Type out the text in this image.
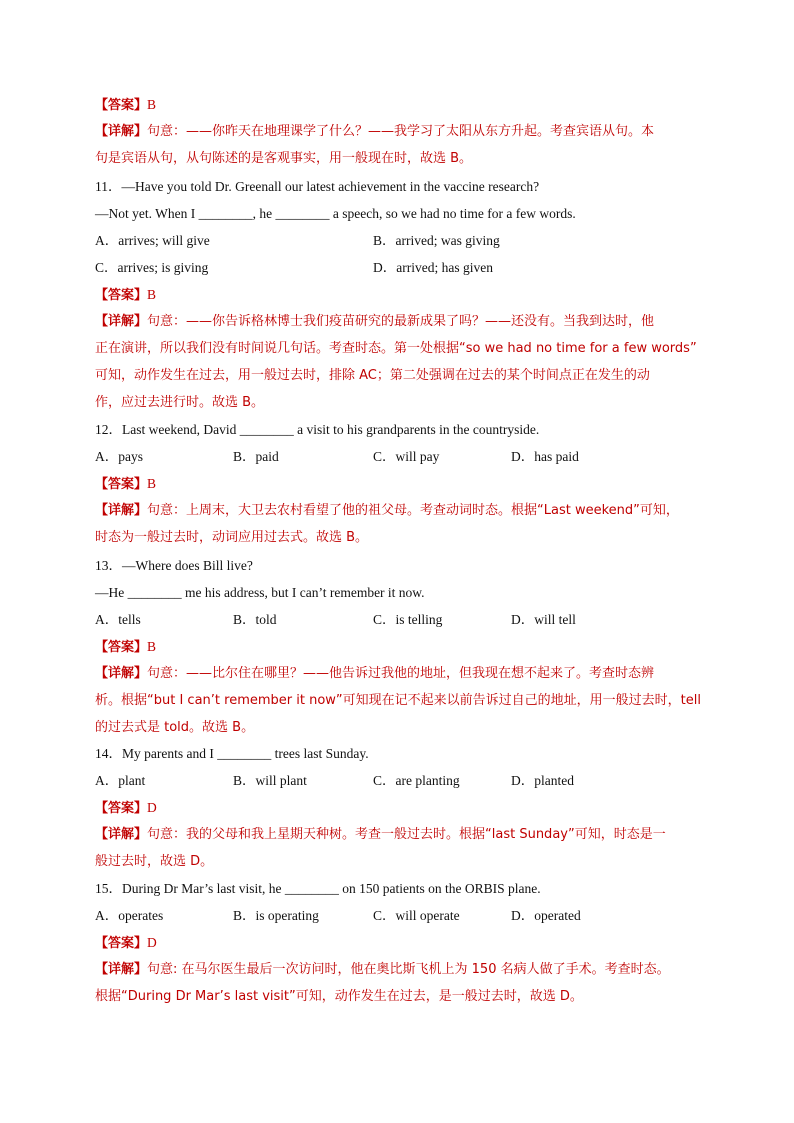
【答案】B
【详解】句意：——你昨天在地理课学了什么？——我学习了太阳从东方升起。考查宾语从句。本
句是宾语从句，从句陈述的是客观事实，用一般现在时，故选 B。
11．—Have you told Dr. Greenall our latest achievement in the vaccine research?
—Not yet. When I ________, he ________ a speech, so we had no time for a few words.
A．arrives; will give	B．arrived; was giving
C．arrives; is giving	D．arrived; has given
【答案】B
【详解】句意：——你告诉格林博士我们疫苗研究的最新成果了吗？——还没有。当我到达时，他
正在演讲，所以我们没有时间说几句话。考查时态。第一处根据“so we had no time for a few words”
可知，动作发生在过去，用一般过去时，排除 AC；第二处强调在过去的某个时间点正在发生的动
作，应过去进行时。故选 B。
12．Last weekend, David ________ a visit to his grandparents in the countryside.
A．pays	B．paid	C．will pay	D．has paid
【答案】B
【详解】句意：上周末，大卫去农村看望了他的祖父母。考查动词时态。根据“Last weekend”可知，
时态为一般过去时，动词应用过去式。故选 B。
13．—Where does Bill live?
—He ________ me his address, but I can’t remember it now.
A．tells	B．told	C．is telling	D．will tell
【答案】B
【详解】句意：——比尔住在哪里？——他告诉过我他的地址，但我现在想不起来了。考查时态辨
析。根据“but I can’t remember it now”可知现在记不起来以前告诉过自己的地址，用一般过去时，tell
的过去式是 told。故选 B。
14．My parents and I ________ trees last Sunday.
A．plant	B．will plant	C．are planting	D．planted
【答案】D
【详解】句意：我的父母和我上星期天种树。考查一般过去时。根据“last Sunday”可知，时态是一
般过去时，故选 D。
15．During Dr Mar’s last visit, he ________ on 150 patients on the ORBIS plane.
A．operates	B．is operating	C．will operate	D．operated
【答案】D
【详解】句意: 在马尔医生最后一次访问时，他在奥比斯飞机上为 150 名病人做了手术。考查时态。
根据“During Dr Mar’s last visit”可知，动作发生在过去，是一般过去时，故选 D。
